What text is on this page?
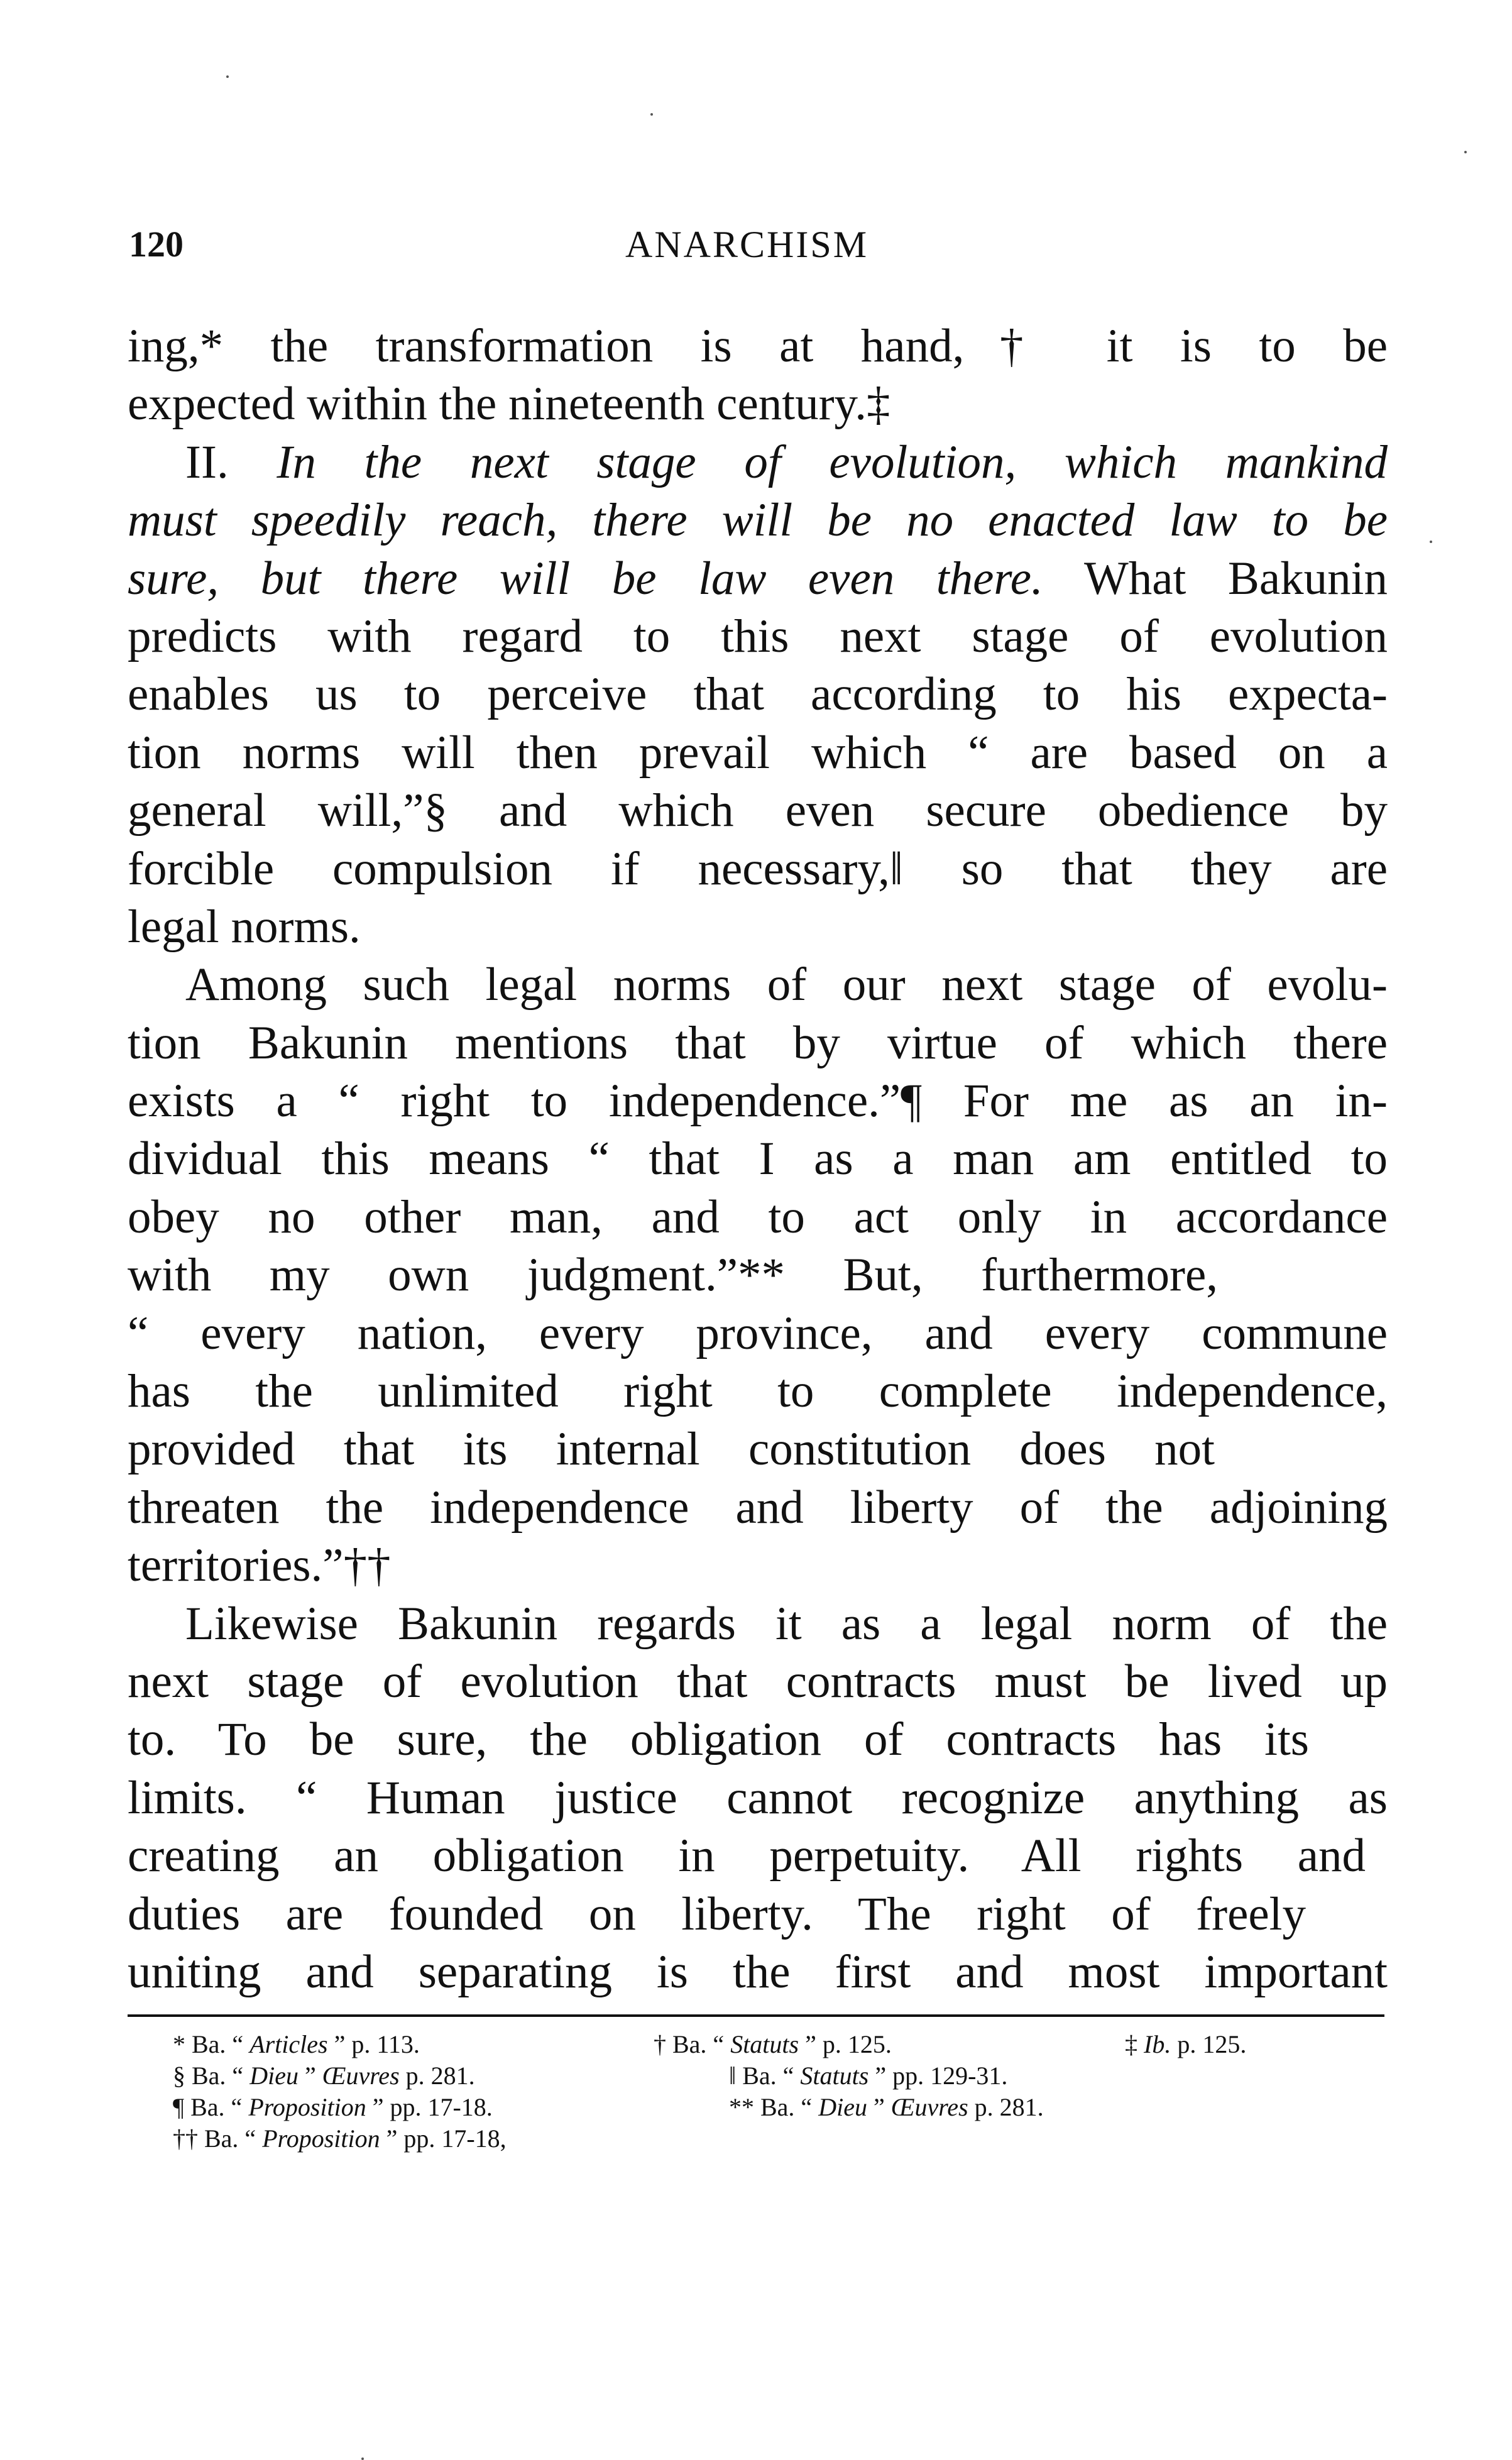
120	ANARCHISM
ing,* the transformation is at hand,† it is to be
expected within the nineteenth century.‡
II. In the next stage of evolution, which mankind
must speedily reach, there will be no enacted law to be
sure, but there will be law even there. What Bakunin
predicts with regard to this next stage of evolution
enables us to perceive that according to his expecta-
tion norms will then prevail which “ are based on a
general will,”§ and which even secure obedience by
forcible compulsion if necessary,‖ so that they are
legal norms.
Among such legal norms of our next stage of evolu-
tion Bakunin mentions that by virtue of which there
exists a “ right to independence.”¶ For me as an in-
dividual this means “ that I as a man am entitled to
obey no other man, and to act only in accordance
with my own judgment.”** But, furthermore,
“ every nation, every province, and every commune
has the unlimited right to complete independence,
provided that its internal constitution does not
threaten the independence and liberty of the adjoining
territories.”††
Likewise Bakunin regards it as a legal norm of the
next stage of evolution that contracts must be lived up
to. To be sure, the obligation of contracts has its
limits. “ Human justice cannot recognize anything as
creating an obligation in perpetuity. All rights and
duties are founded on liberty. The right of freely
uniting and separating is the first and most important
* Ba. “ Articles ” p. 113.	† Ba. “ Statuts ” p. 125.	‡ Ib. p. 125.
§ Ba. “ Dieu ” Œuvres p. 281.	‖ Ba. “ Statuts ” pp. 129-31.
¶ Ba. “ Proposition ” pp. 17-18.	** Ba. “ Dieu ” Œuvres p. 281.
†† Ba. “ Proposition ” pp. 17-18,
